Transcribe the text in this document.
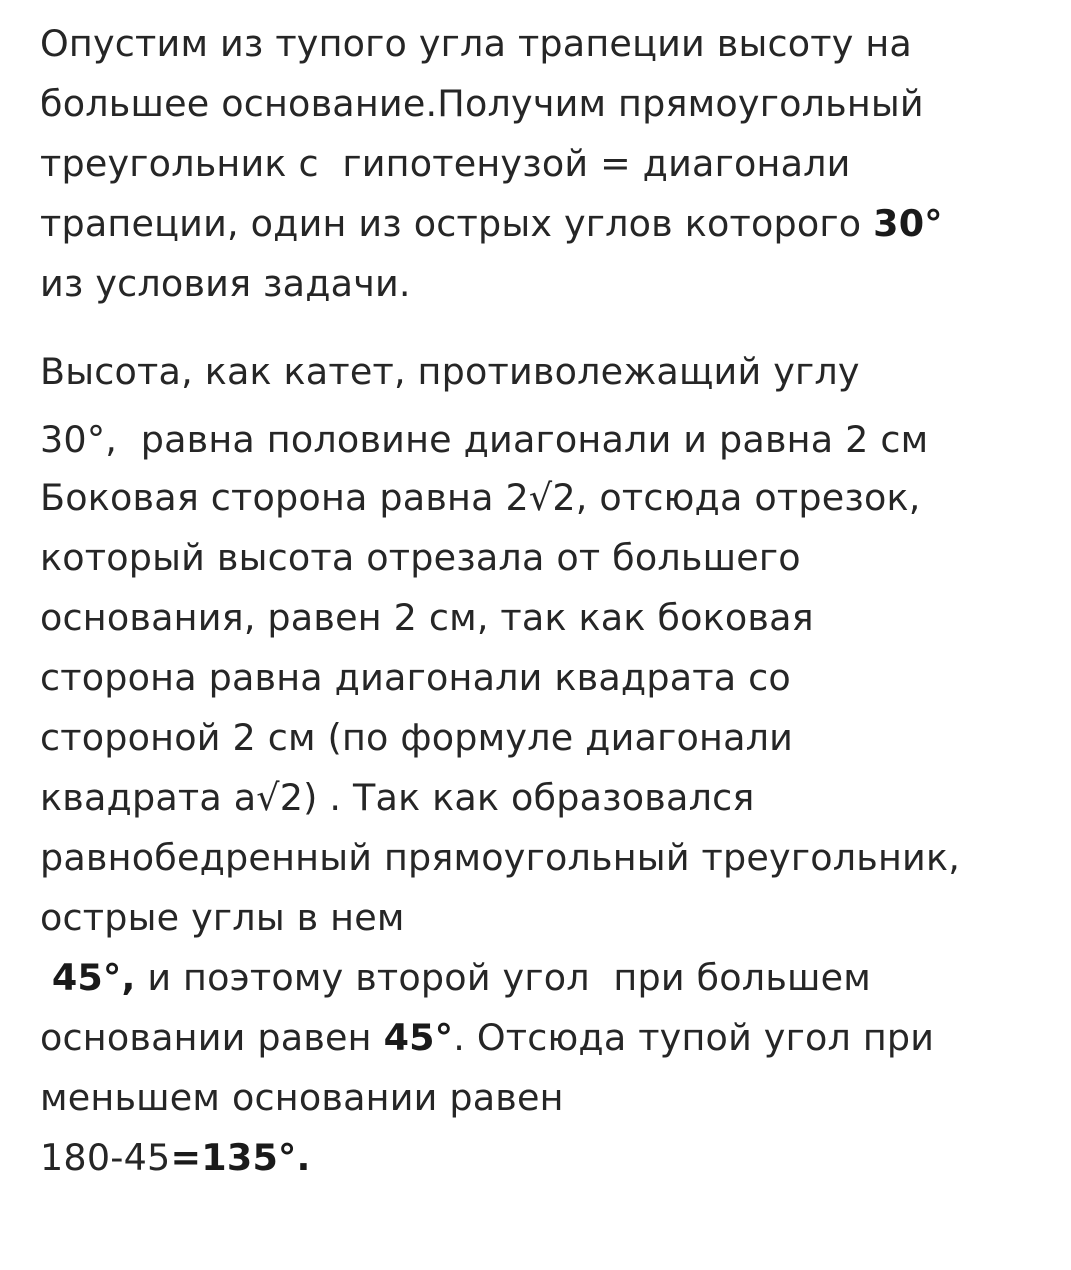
Опустим из тупого угла трапеции высоту на
большее основание.Получим прямоугольный
треугольник с  гипотенузой = диагонали
трапеции, один из острых углов которого 30°
из условия задачи.
Высота, как катет, противолежащий углу
30°,  равна половине диагонали и равна 2 см
Боковая сторона равна 2√2, отсюда отрезок,
который высота отрезала от большего
основания, равен 2 см, так как боковая
сторона равна диагонали квадрата со
стороной 2 см (по формуле диагонали
квадрата a√2) . Так как образовался
равнобедренный прямоугольный треугольник,
острые углы в нем
45°, и поэтому второй угол  при большем
основании равен 45°. Отсюда тупой угол при
меньшем основании равен
180-45=135°.
